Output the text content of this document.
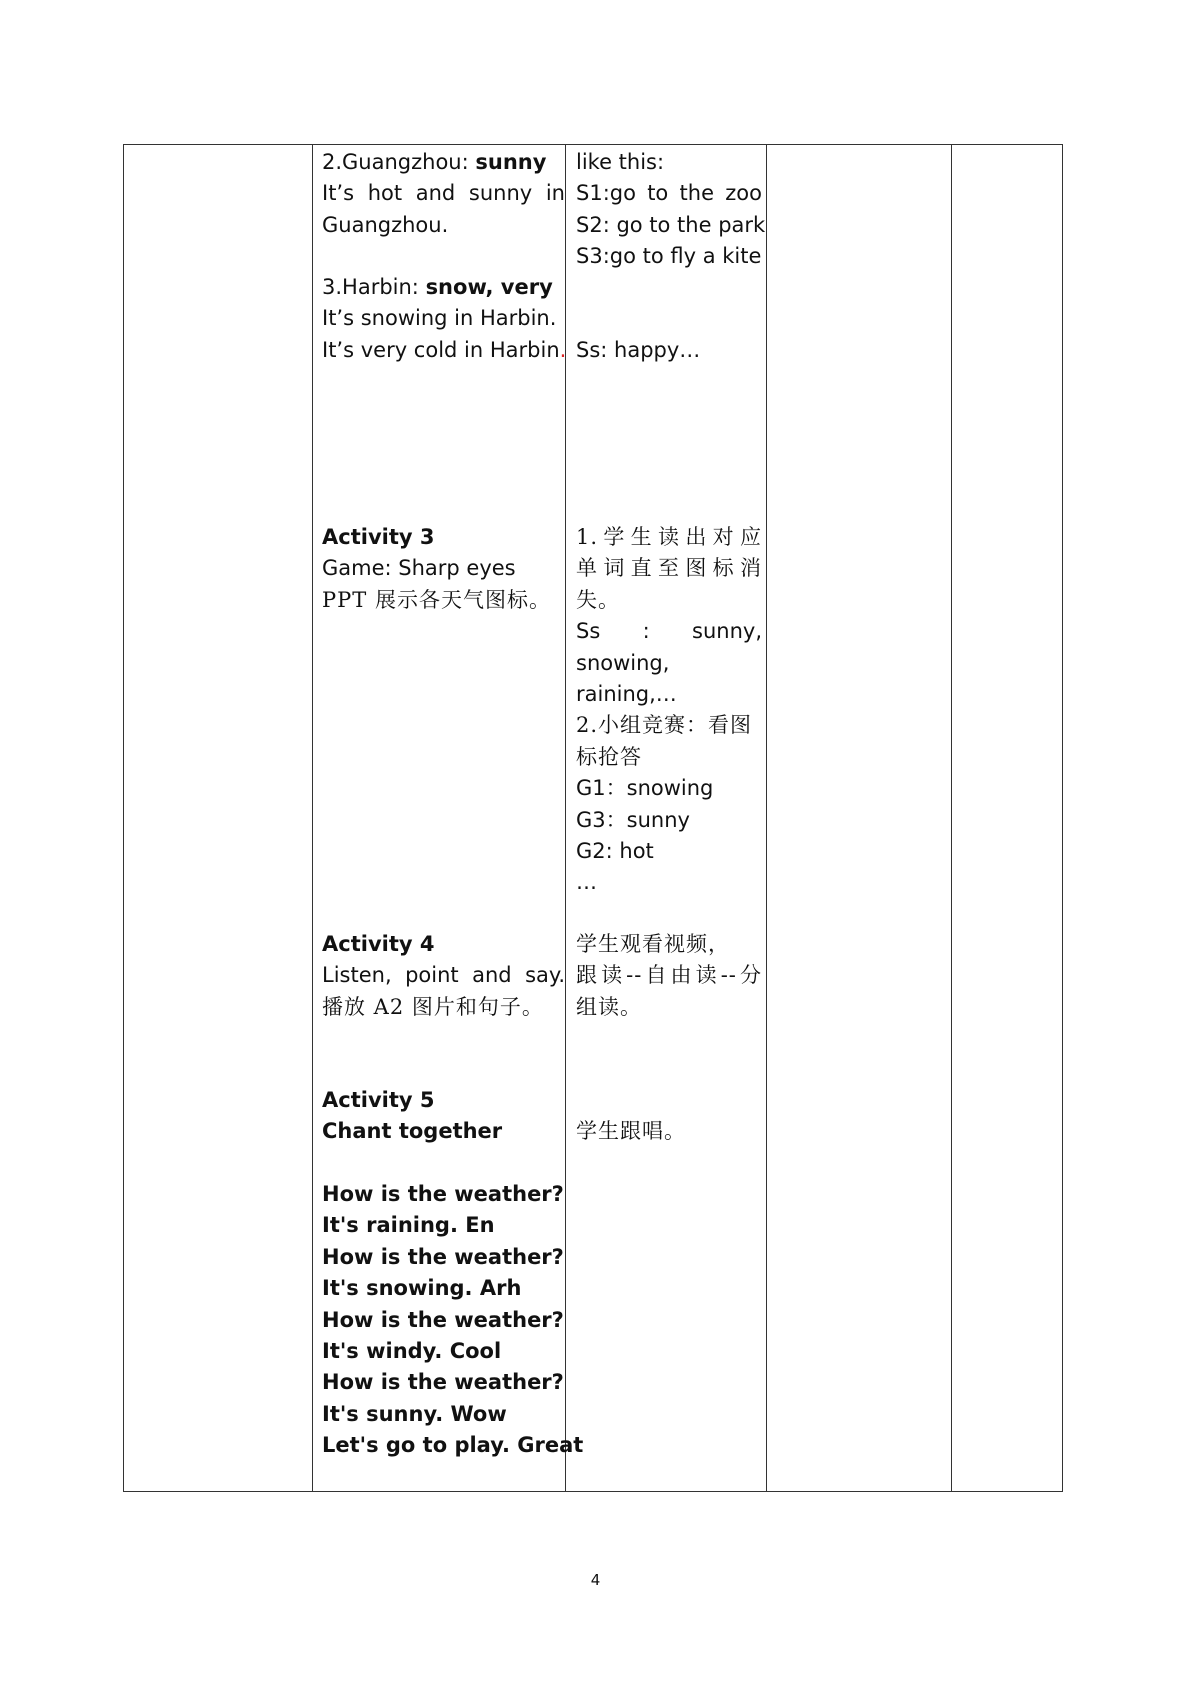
2.Guangzhou: sunny
It’s hot and sunny in
Guangzhou.
3.Harbin: snow, very
It’s snowing in Harbin.
It’s very cold in Harbin.
Activity 3
Game: Sharp eyes
PPT 展示各天气图标。
Activity 4
Listen, point and say.
播放 A2 图片和句子。
Activity 5
Chant together
How is the weather?
It's raining. En
How is the weather?
It's snowing. Arh
How is the weather?
It's windy. Cool
How is the weather?
It's sunny. Wow
Let's go to play. Great
like this:
S1:go to the zoo
S2: go to the park
S3:go to fly a kite
Ss: happy…
1.学生读出对应
单词直至图标消
失。
Ss : sunny,
snowing,
raining,…
2.小组竞赛：看图
标抢答
G1：snowing
G3：sunny
G2: hot
…
学生观看视频，
跟读--自由读--分
组读。
学生跟唱。
4
